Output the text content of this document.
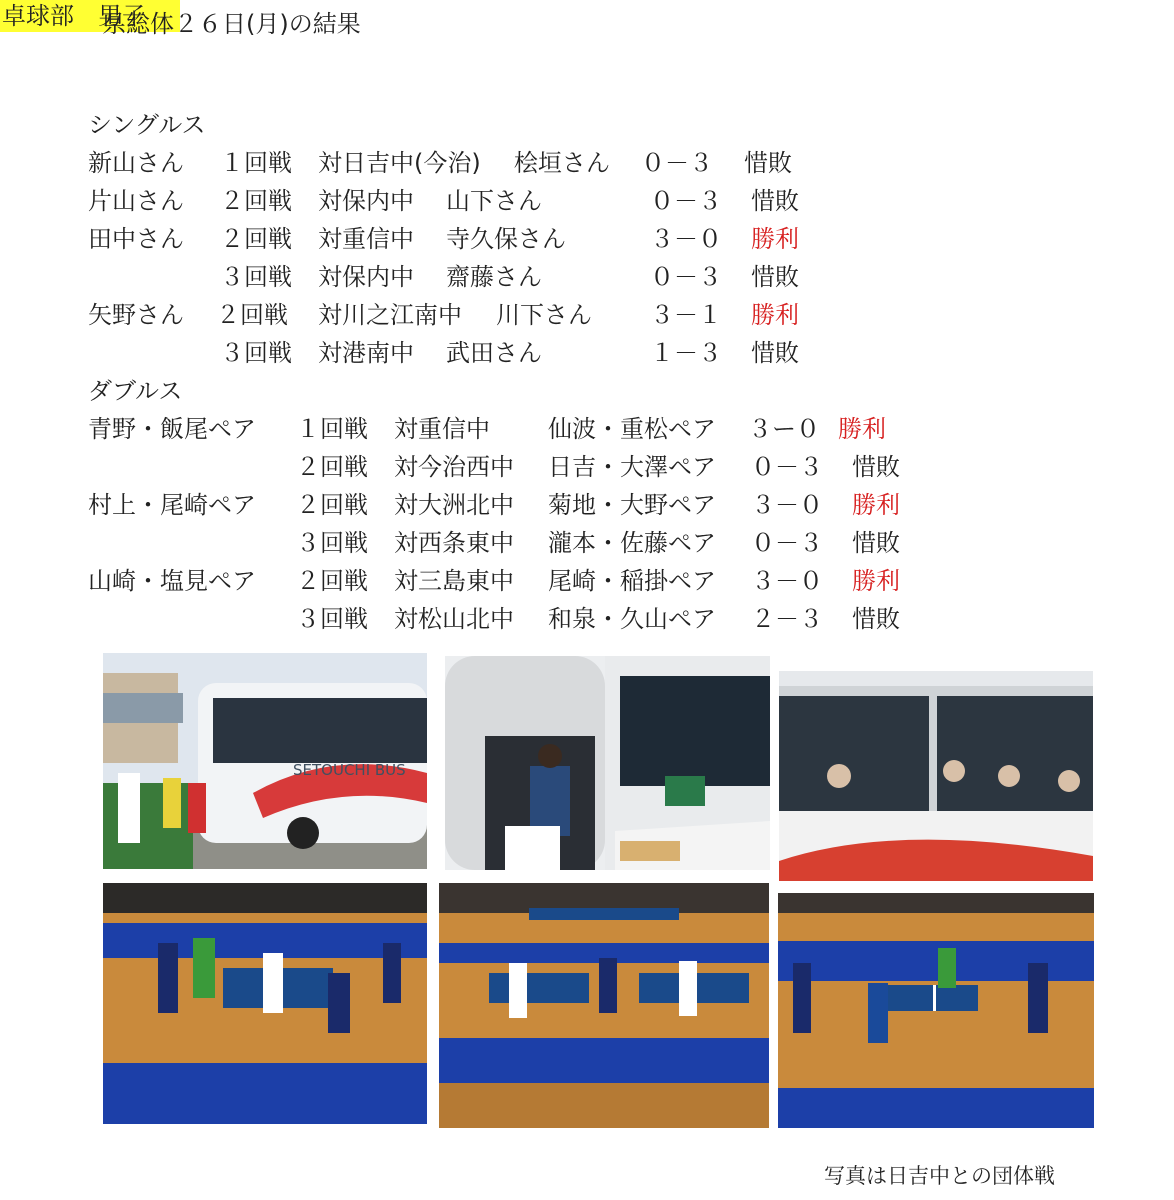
県総体２６日(月)の結果
卓球部　男子
シングルス
新山さん １回戦 対日吉中(今治) 桧垣さん ０－３ 惜敗
片山さん ２回戦 対保内中 山下さん	０－３ 惜敗
田中さん ２回戦 対重信中 寺久保さん	３－０ 勝利
３回戦 対保内中 齋藤さん	０－３ 惜敗
矢野さん ２回戦 対川之江南中 川下さん ３－１ 勝利
３回戦 対港南中 武田さん	１－３ 惜敗
ダブルス
青野・飯尾ペア １回戦 対重信中 仙波・重松ペア ３ー０ 勝利
２回戦 対今治西中 日吉・大澤ペア ０－３ 惜敗
村上・尾崎ペア ２回戦 対大洲北中 菊地・大野ペア ３－０ 勝利
３回戦 対西条東中 瀧本・佐藤ペア ０－３ 惜敗
山崎・塩見ペア ２回戦 対三島東中 尾崎・稲掛ペア ３－０ 勝利
３回戦 対松山北中 和泉・久山ペア ２－３ 惜敗
SETOUCHI BUS
写真は日吉中との団体戦
